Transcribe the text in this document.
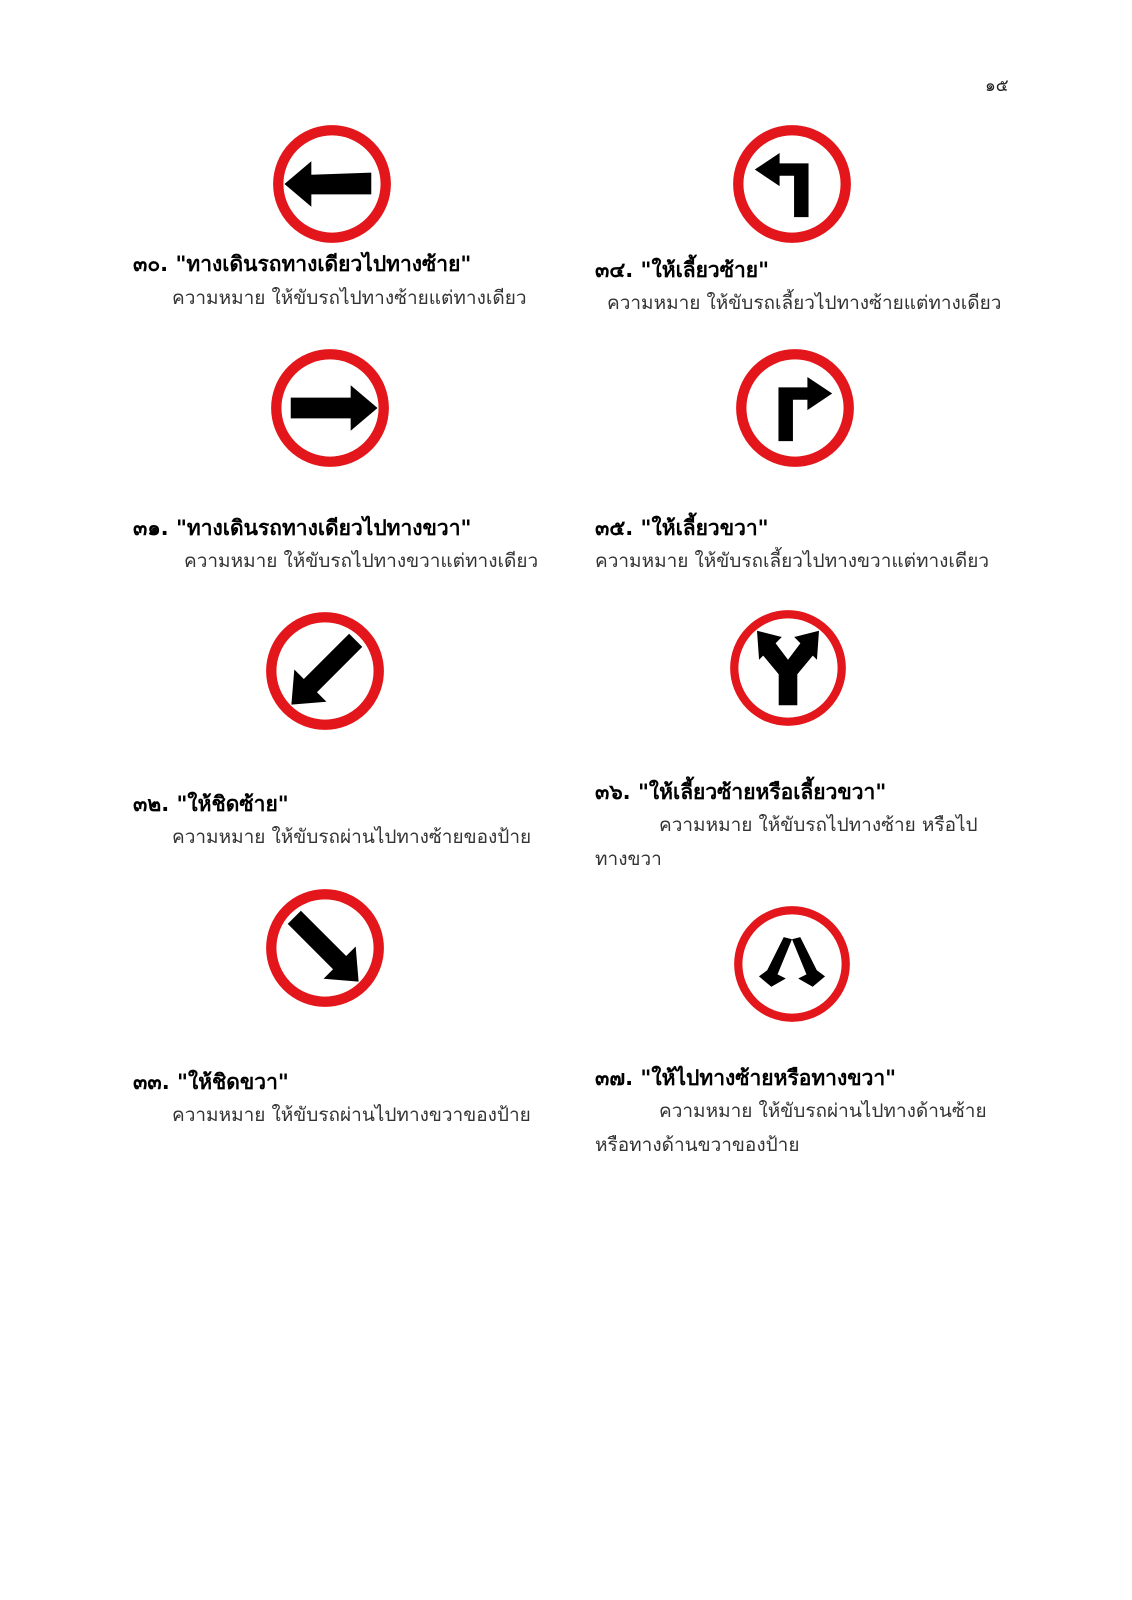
๑๕
๓๐. "ทางเดินรถทางเดียวไปทางซ้าย"
ความหมาย ให้ขับรถไปทางซ้ายแต่ทางเดียว
๓๑. "ทางเดินรถทางเดียวไปทางขวา"
ความหมาย ให้ขับรถไปทางขวาแต่ทางเดียว
๓๒. "ให้ชิดซ้าย"
ความหมาย ให้ขับรถผ่านไปทางซ้ายของป้าย
๓๓. "ให้ชิดขวา"
ความหมาย ให้ขับรถผ่านไปทางขวาของป้าย
๓๔. "ให้เลี้ยวซ้าย"
ความหมาย ให้ขับรถเลี้ยวไปทางซ้ายแต่ทางเดียว
๓๕. "ให้เลี้ยวขวา"
ความหมาย ให้ขับรถเลี้ยวไปทางขวาแต่ทางเดียว
๓๖. "ให้เลี้ยวซ้ายหรือเลี้ยวขวา"
ความหมาย ให้ขับรถไปทางซ้าย หรือไป
ทางขวา
๓๗. "ให้ไปทางซ้ายหรือทางขวา"
ความหมาย ให้ขับรถผ่านไปทางด้านซ้าย
หรือทางด้านขวาของป้าย
